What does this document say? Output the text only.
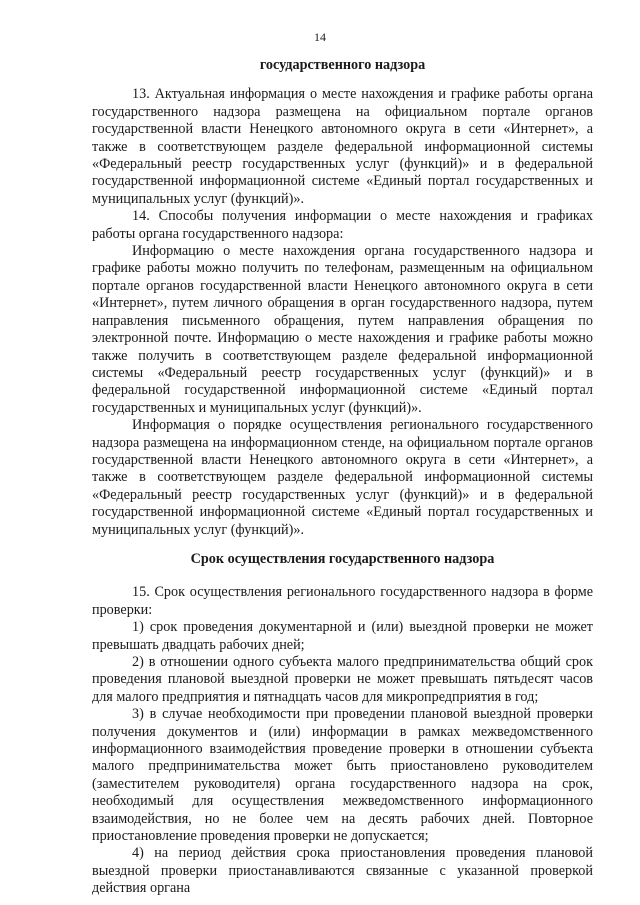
14

государственного надзора

13. Актуальная информация о месте нахождения и графике работы органа государственного надзора размещена на официальном портале органов государственной власти Ненецкого автономного округа в сети «Интернет», а также в соответствующем разделе федеральной информационной системы «Федеральный реестр государственных услуг (функций)» и в федеральной государственной информационной системе «Единый портал государственных и муниципальных услуг (функций)».

14. Способы получения информации о месте нахождения и графиках работы органа государственного надзора:

Информацию о месте нахождения органа государственного надзора и графике работы можно получить по телефонам, размещенным на официальном портале органов государственной власти Ненецкого автономного округа в сети «Интернет», путем личного обращения в орган государственного надзора, путем направления письменного обращения, путем направления обращения по электронной почте. Информацию о месте нахождения и графике работы можно также получить в соответствующем разделе федеральной информационной системы «Федеральный реестр государственных услуг (функций)» и в федеральной государственной информационной системе «Единый портал государственных и муниципальных услуг (функций)».

Информация о порядке осуществления регионального государственного надзора размещена на информационном стенде, на официальном портале органов государственной власти Ненецкого автономного округа в сети «Интернет», а также в соответствующем разделе федеральной информационной системы «Федеральный реестр государственных услуг (функций)» и в федеральной государственной информационной системе «Единый портал государственных и муниципальных услуг (функций)».

Срок осуществления государственного надзора

15. Срок осуществления регионального государственного надзора в форме проверки:

1) срок проведения документарной и (или) выездной проверки не может превышать двадцать рабочих дней;

2) в отношении одного субъекта малого предпринимательства общий срок проведения плановой выездной проверки не может превышать пятьдесят часов для малого предприятия и пятнадцать часов для микропредприятия в год;

3) в случае необходимости при проведении плановой выездной проверки получения документов и (или) информации в рамках межведомственного информационного взаимодействия проведение проверки в отношении субъекта малого предпринимательства может быть приостановлено руководителем (заместителем руководителя) органа государственного надзора на срок, необходимый для осуществления межведомственного информационного взаимодействия, но не более чем на десять рабочих дней. Повторное приостановление проведения проверки не допускается;

4) на период действия срока приостановления проведения плановой выездной проверки приостанавливаются связанные с указанной проверкой действия органа
